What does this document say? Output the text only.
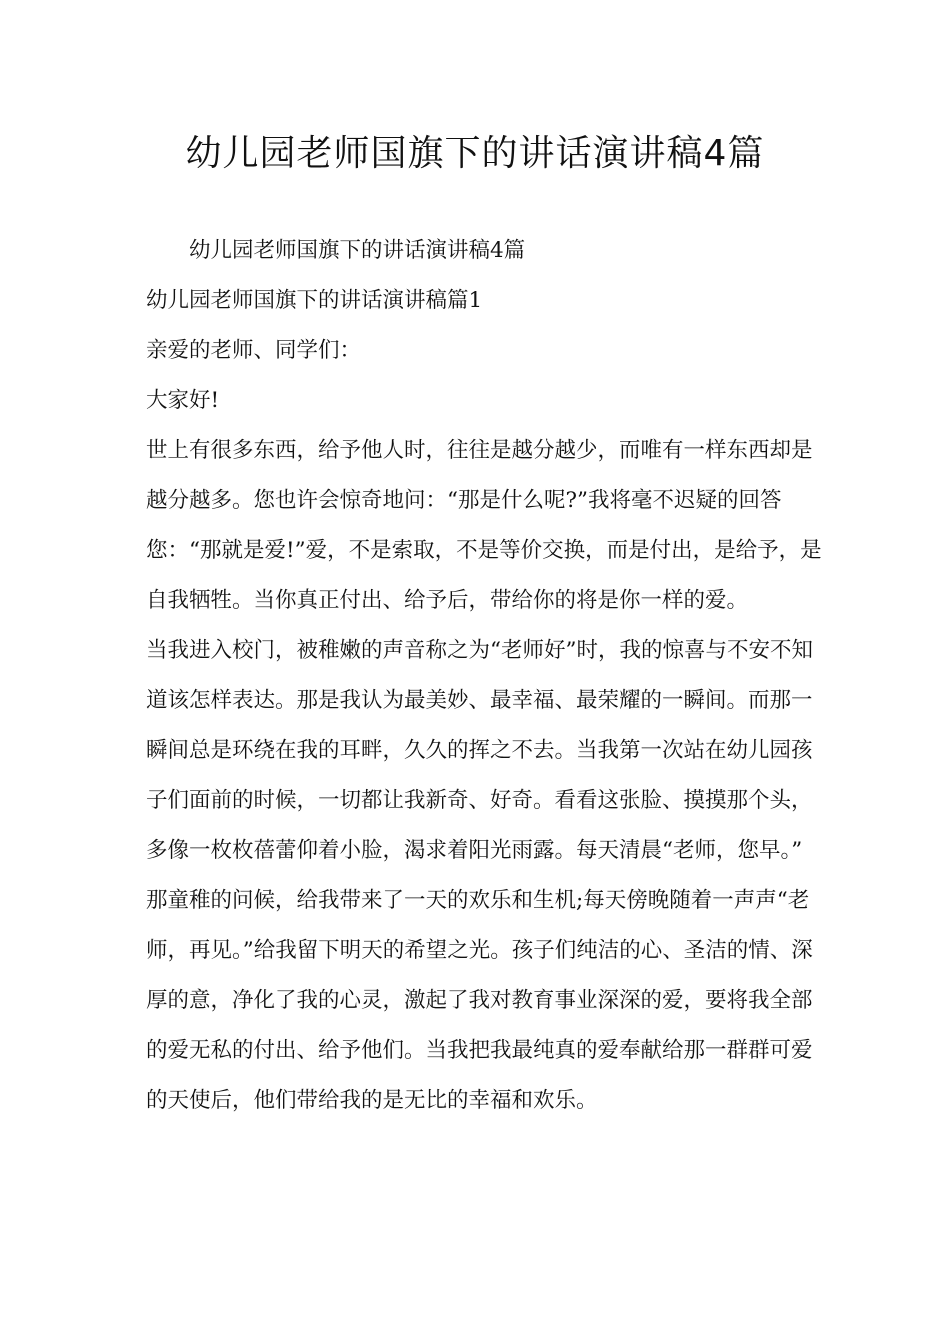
幼儿园老师国旗下的讲话演讲稿4篇

幼儿园老师国旗下的讲话演讲稿4篇

幼儿园老师国旗下的讲话演讲稿篇1

亲爱的老师、同学们：

大家好!

世上有很多东西，给予他人时，往往是越分越少，而唯有一样东西却是越分越多。您也许会惊奇地问：“那是什么呢?”我将毫不迟疑的回答您：“那就是爱!”爱，不是索取，不是等价交换，而是付出，是给予，是自我牺牲。当你真正付出、给予后，带给你的将是你一样的爱。

当我进入校门，被稚嫩的声音称之为“老师好”时，我的惊喜与不安不知道该怎样表达。那是我认为最美妙、最幸福、最荣耀的一瞬间。而那一瞬间总是环绕在我的耳畔，久久的挥之不去。当我第一次站在幼儿园孩子们面前的时候，一切都让我新奇、好奇。看看这张脸、摸摸那个头，多像一枚枚蓓蕾仰着小脸，渴求着阳光雨露。每天清晨“老师，您早。”

那童稚的问候，给我带来了一天的欢乐和生机;每天傍晚随着一声声“老师，再见。”给我留下明天的希望之光。孩子们纯洁的心、圣洁的情、深厚的意，净化了我的心灵，激起了我对教育事业深深的爱，要将我全部的爱无私的付出、给予他们。当我把我最纯真的爱奉献给那一群群可爱的天使后，他们带给我的是无比的幸福和欢乐。
